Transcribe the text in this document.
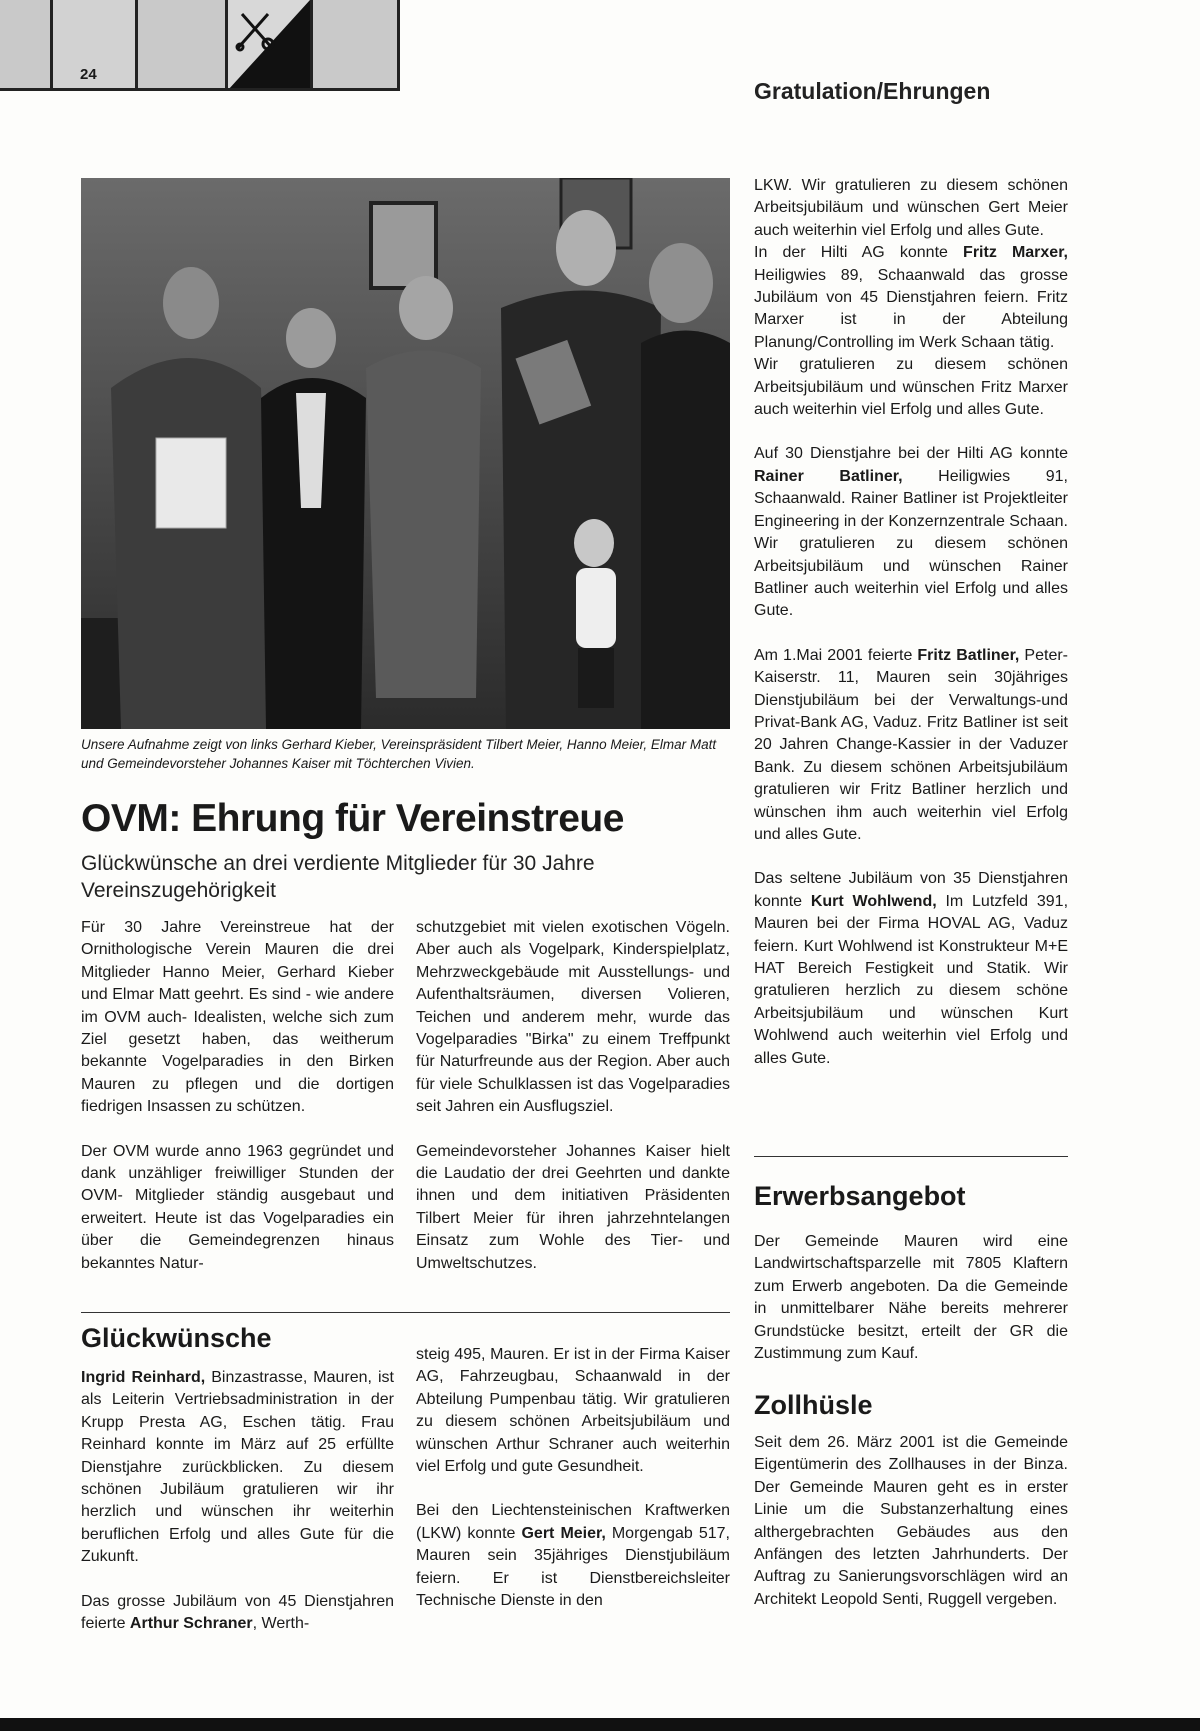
24
Gratulation/Ehrungen
Unsere Aufnahme zeigt von links Gerhard Kieber, Vereinspräsident Tilbert Meier, Hanno Meier, Elmar Matt und Gemeindevorsteher Johannes Kaiser mit Töchterchen Vivien.
OVM: Ehrung für Vereinstreue
Glückwünsche an drei verdiente Mitglieder für 30 Jahre Vereinszugehörigkeit

Für 30 Jahre Vereinstreue hat der Ornithologische Verein Mauren die drei Mitglieder Hanno Meier, Gerhard Kieber und Elmar Matt geehrt. Es sind - wie andere im OVM auch- Idealisten, welche sich zum Ziel gesetzt haben, das weitherum bekannte Vogelparadies in den Birken Mauren zu pflegen und die dortigen fiedrigen Insassen zu schützen.

Der OVM wurde anno 1963 gegründet und dank unzähliger freiwilliger Stunden der OVM- Mitglieder ständig ausgebaut und erweitert. Heute ist das Vogelparadies ein über die Gemeindegrenzen hinaus bekanntes Natur-

schutzgebiet mit vielen exotischen Vögeln. Aber auch als Vogelpark, Kinderspielplatz, Mehrzweckgebäude mit Ausstellungs- und Aufenthaltsräumen, diversen Volieren, Teichen und anderem mehr, wurde das Vogelparadies "Birka" zu einem Treffpunkt für Naturfreunde aus der Region. Aber auch für viele Schulklassen ist das Vogelparadies seit Jahren ein Ausflugsziel.

Gemeindevorsteher Johannes Kaiser hielt die Laudatio der drei Geehrten und dankte ihnen und dem initiativen Präsidenten Tilbert Meier für ihren jahrzehntelangen Einsatz zum Wohle des Tier- und Umweltschutzes.

Glückwünsche

Ingrid Reinhard, Binzastrasse, Mauren, ist als Leiterin Vertriebsadministration in der Krupp Presta AG, Eschen tätig. Frau Reinhard konnte im März auf 25 erfüllte Dienstjahre zurückblicken. Zu diesem schönen Jubiläum gratulieren wir ihr herzlich und wünschen ihr weiterhin beruflichen Erfolg und alles Gute für die Zukunft.

Das grosse Jubiläum von 45 Dienstjahren feierte Arthur Schraner, Werth-

steig 495, Mauren. Er ist in der Firma Kaiser AG, Fahrzeugbau, Schaanwald in der Abteilung Pumpenbau tätig. Wir gratulieren zu diesem schönen Arbeitsjubiläum und wünschen Arthur Schraner auch weiterhin viel Erfolg und gute Gesundheit.

Bei den Liechtensteinischen Kraftwerken (LKW) konnte Gert Meier, Morgengab 517, Mauren sein 35jähriges Dienstjubiläum feiern. Er ist Dienstbereichsleiter Technische Dienste in den

LKW. Wir gratulieren zu diesem schönen Arbeitsjubiläum und wünschen Gert Meier auch weiterhin viel Erfolg und alles Gute.

In der Hilti AG konnte Fritz Marxer, Heiligwies 89, Schaanwald das grosse Jubiläum von 45 Dienstjahren feiern. Fritz Marxer ist in der Abteilung Planung/Controlling im Werk Schaan tätig.

Wir gratulieren zu diesem schönen Arbeitsjubiläum und wünschen Fritz Marxer auch weiterhin viel Erfolg und alles Gute.

Auf 30 Dienstjahre bei der Hilti AG konnte Rainer Batliner, Heiligwies 91, Schaanwald. Rainer Batliner ist Projektleiter Engineering in der Konzernzentrale Schaan. Wir gratulieren zu diesem schönen Arbeitsjubiläum und wünschen Rainer Batliner auch weiterhin viel Erfolg und alles Gute.

Am 1.Mai 2001 feierte Fritz Batliner, Peter- Kaiserstr. 11, Mauren sein 30jähriges Dienstjubiläum bei der Verwaltungs-und Privat-Bank AG, Vaduz. Fritz Batliner ist seit 20 Jahren Change-Kassier in der Vaduzer Bank. Zu diesem schönen Arbeitsjubiläum gratulieren wir Fritz Batliner herzlich und wünschen ihm auch weiterhin viel Erfolg und alles Gute.

Das seltene Jubiläum von 35 Dienstjahren konnte Kurt Wohlwend, Im Lutzfeld 391, Mauren bei der Firma HOVAL AG, Vaduz feiern. Kurt Wohlwend ist Konstrukteur M+E HAT Bereich Festigkeit und Statik. Wir gratulieren herzlich zu diesem schöne Arbeitsjubiläum und wünschen Kurt Wohlwend auch weiterhin viel Erfolg und alles Gute.

Erwerbsangebot

Der Gemeinde Mauren wird eine Landwirtschaftsparzelle mit 7805 Klaftern zum Erwerb angeboten. Da die Gemeinde in unmittelbarer Nähe bereits mehrerer Grundstücke besitzt, erteilt der GR die Zustimmung zum Kauf.

Zollhüsle

Seit dem 26. März 2001 ist die Gemeinde Eigentümerin des Zollhauses in der Binza. Der Gemeinde Mauren geht es in erster Linie um die Substanzerhaltung eines althergebrachten Gebäudes aus den Anfängen des letzten Jahrhunderts. Der Auftrag zu Sanierungsvorschlägen wird an Architekt Leopold Senti, Ruggell vergeben.
